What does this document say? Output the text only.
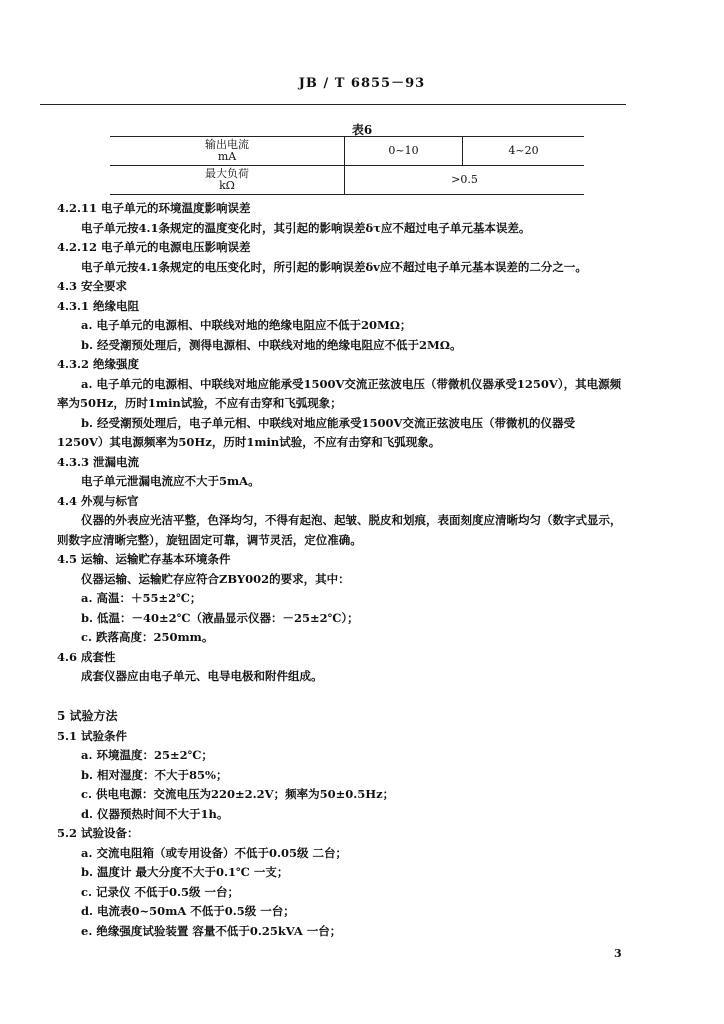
JB / T 6855－93
表6
输出电流
mA	0~10	4~20

最大负荷
kΩ	>0.5	
4.2.11 电子单元的环境温度影响误差
电子单元按4.1条规定的温度变化时，其引起的影响误差δτ应不超过电子单元基本误差。
4.2.12 电子单元的电源电压影响误差
电子单元按4.1条规定的电压变化时，所引起的影响误差δv应不超过电子单元基本误差的二分之一。
4.3 安全要求
4.3.1 绝缘电阻
a. 电子单元的电源相、中联线对地的绝缘电阻应不低于20MΩ；
b. 经受潮预处理后，测得电源相、中联线对地的绝缘电阻应不低于2MΩ。
4.3.2 绝缘强度
a. 电子单元的电源相、中联线对地应能承受1500V交流正弦波电压（带微机仪器承受1250V），其电源频
率为50Hz，历时1min试验，不应有击穿和飞弧现象；
b. 经受潮预处理后，电子单元相、中联线对地应能承受1500V交流正弦波电压（带微机的仪器受
1250V）其电源频率为50Hz，历时1min试验，不应有击穿和飞弧现象。
4.3.3 泄漏电流
电子单元泄漏电流应不大于5mA。
4.4 外观与标官
仪器的外表应光洁平整，色泽均匀，不得有起泡、起皱、脱皮和划痕，表面刻度应清晰均匀（数字式显示，
则数字应清晰完整），旋钮固定可靠，调节灵活，定位准确。
4.5 运输、运输贮存基本环境条件
仪器运输、运输贮存应符合ZBY002的要求，其中：
a. 高温：＋55±2℃；
b. 低温：－40±2℃（液晶显示仪器：－25±2℃）；
c. 跌落高度：250mm。
4.6 成套性
成套仪器应由电子单元、电导电极和附件组成。
5 试验方法
5.1 试验条件
a. 环境温度：25±2℃；
b. 相对湿度：不大于85%；
c. 供电电源：交流电压为220±2.2V；频率为50±0.5Hz；
d. 仪器预热时间不大于1h。
5.2 试验设备：
a. 交流电阻箱（或专用设备）不低于0.05级 二台；
b. 温度计 最大分度不大于0.1℃ 一支；
c. 记录仪 不低于0.5级 一台；
d. 电流表0~50mA 不低于0.5级 一台；
e. 绝缘强度试验装置 容量不低于0.25kVA 一台；
3
